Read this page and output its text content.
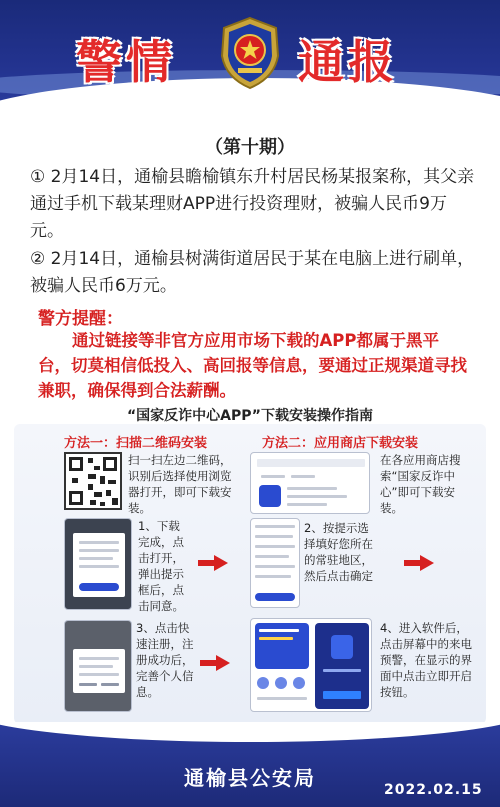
警情	通报
（第十期）
① 2月14日，通榆县瞻榆镇东升村居民杨某报案称，其父亲通过手机下载某理财APP进行投资理财，被骗人民币9万元。
② 2月14日，通榆县树满街道居民于某在电脑上进行刷单，被骗人民币6万元。
警方提醒：
通过链接等非官方应用市场下载的APP都属于黑平台，切莫相信低投入、高回报等信息，要通过正规渠道寻找兼职，确保得到合法薪酬。
“国家反诈中心APP”下载安装操作指南
方法一：扫描二维码安装	方法二：应用商店下载安装
扫一扫左边二维码，识别后选择使用浏览器打开，即可下载安装。
在各应用商店搜索“国家反诈中心”即可下载安装。
1、下载完成，点击打开，弹出提示框后，点击同意。
2、按提示选择填好您所在的常驻地区，然后点击确定
3、点击快速注册，注册成功后，完善个人信息。
4、进入软件后，点击屏幕中的来电预警，在显示的界面中点击立即开启按钮。
通榆县公安局	2022.02.15
